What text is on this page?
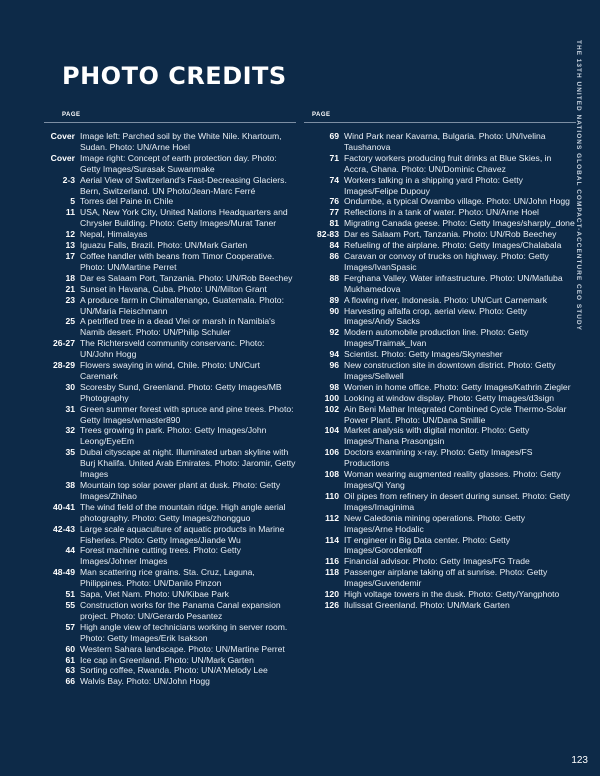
PHOTO CREDITS	THE 13TH UNITED NATIONS GLOBAL COMPACT-ACCENTURE CEO STUDY
PAGE
Cover Image left: Parched soil by the White Nile. Khartoum, Sudan. Photo: UN/Arne Hoel
Cover Image right: Concept of earth protection day. Photo: Getty Images/Surasak Suwanmake
2-3 Aerial View of Switzerland's Fast-Decreasing Glaciers. Bern, Switzerland. UN Photo/Jean-Marc Ferré
5 Torres del Paine in Chile
11 USA, New York City, United Nations Headquarters and Chrysler Building. Photo: Getty Images/Murat Taner
12 Nepal, Himalayas
13 Iguazu Falls, Brazil. Photo: UN/Mark Garten
17 Coffee handler with beans from Timor Cooperative. Photo: UN/Martine Perret
18 Dar es Salaam Port, Tanzania. Photo: UN/Rob Beechey
21 Sunset in Havana, Cuba. Photo: UN/Milton Grant
23 A produce farm in Chimaltenango, Guatemala. Photo: UN/Maria Fleischmann
25 A petrified tree in a dead Vlei or marsh in Namibia's Namib desert. Photo: UN/Philip Schuler
26-27 The Richtersveld community conservanc. Photo: UN/John Hogg
28-29 Flowers swaying in wind, Chile. Photo: UN/Curt Caremark
30 Scoresby Sund, Greenland. Photo: Getty Images/MB Photography
31 Green summer forest with spruce and pine trees. Photo: Getty Images/wmaster890
32 Trees growing in park. Photo: Getty Images/John Leong/EyeEm
35 Dubai cityscape at night. Illuminated urban skyline with Burj Khalifa. United Arab Emirates. Photo: Jaromir, Getty Images
38 Mountain top solar power plant at dusk. Photo: Getty Images/Zhihao
40-41 The wind field of the mountain ridge. High angle aerial photography. Photo: Getty Images/zhongguo
42-43 Large scale aquaculture of aquatic products in Marine Fisheries. Photo: Getty Images/Jiande Wu
44 Forest machine cutting trees. Photo: Getty Images/Johner Images
48-49 Man scattering rice grains. Sta. Cruz, Laguna, Philippines. Photo: UN/Danilo Pinzon
51 Sapa, Viet Nam. Photo: UN/Kibae Park
55 Construction works for the Panama Canal expansion project. Photo: UN/Gerardo Pesantez
57 High angle view of technicians working in server room. Photo: Getty Images/Erik Isakson
60 Western Sahara landscape. Photo: UN/Martine Perret
61 Ice cap in Greenland. Photo: UN/Mark Garten
63 Sorting coffee, Rwanda. Photo: UN/A'Melody Lee
66 Walvis Bay. Photo: UN/John Hogg
PAGE
69 Wind Park near Kavarna, Bulgaria. Photo: UN/Ivelina Taushanova
71 Factory workers producing fruit drinks at Blue Skies, in Accra, Ghana. Photo: UN/Dominic Chavez
74 Workers talking in a shipping yard Photo: Getty Images/Felipe Dupouy
76 Ondumbe, a typical Owambo village. Photo: UN/John Hogg
77 Reflections in a tank of water. Photo: UN/Arne Hoel
81 Migrating Canada geese. Photo: Getty Images/sharply_done
82-83 Dar es Salaam Port, Tanzania. Photo: UN/Rob Beechey
84 Refueling of the airplane. Photo: Getty Images/Chalabala
86 Caravan or convoy of trucks on highway. Photo: Getty Images/IvanSpasic
88 Ferghana Valley. Water infrastructure. Photo: UN/Matluba Mukhamedova
89 A flowing river, Indonesia. Photo: UN/Curt Carnemark
90 Harvesting alfalfa crop, aerial view. Photo: Getty Images/Andy Sacks
92 Modern automobile production line. Photo: Getty Images/Traimak_Ivan
94 Scientist. Photo: Getty Images/Skynesher
96 New construction site in downtown district. Photo: Getty Images/Sellwell
98 Women in home office. Photo: Getty Images/Kathrin Ziegler
100 Looking at window display. Photo: Getty Images/d3sign
102 Ain Beni Mathar Integrated Combined Cycle Thermo-Solar Power Plant. Photo: UN/Dana Smillie
104 Market analysis with digital monitor. Photo: Getty Images/Thana Prasongsin
106 Doctors examining x-ray. Photo: Getty Images/FS Productions
108 Woman wearing augmented reality glasses. Photo: Getty Images/Qi Yang
110 Oil pipes from refinery in desert during sunset. Photo: Getty Images/Imaginima
112 New Caledonia mining operations. Photo: Getty Images/Arne Hodalic
114 IT engineer in Big Data center. Photo: Getty Images/Gorodenkoff
116 Financial advisor. Photo: Getty Images/FG Trade
118 Passenger airplane taking off at sunrise. Photo: Getty Images/Guvendemir
120 High voltage towers in the dusk. Photo: Getty/Yangphoto
126 Ilulissat Greenland. Photo: UN/Mark Garten
123
